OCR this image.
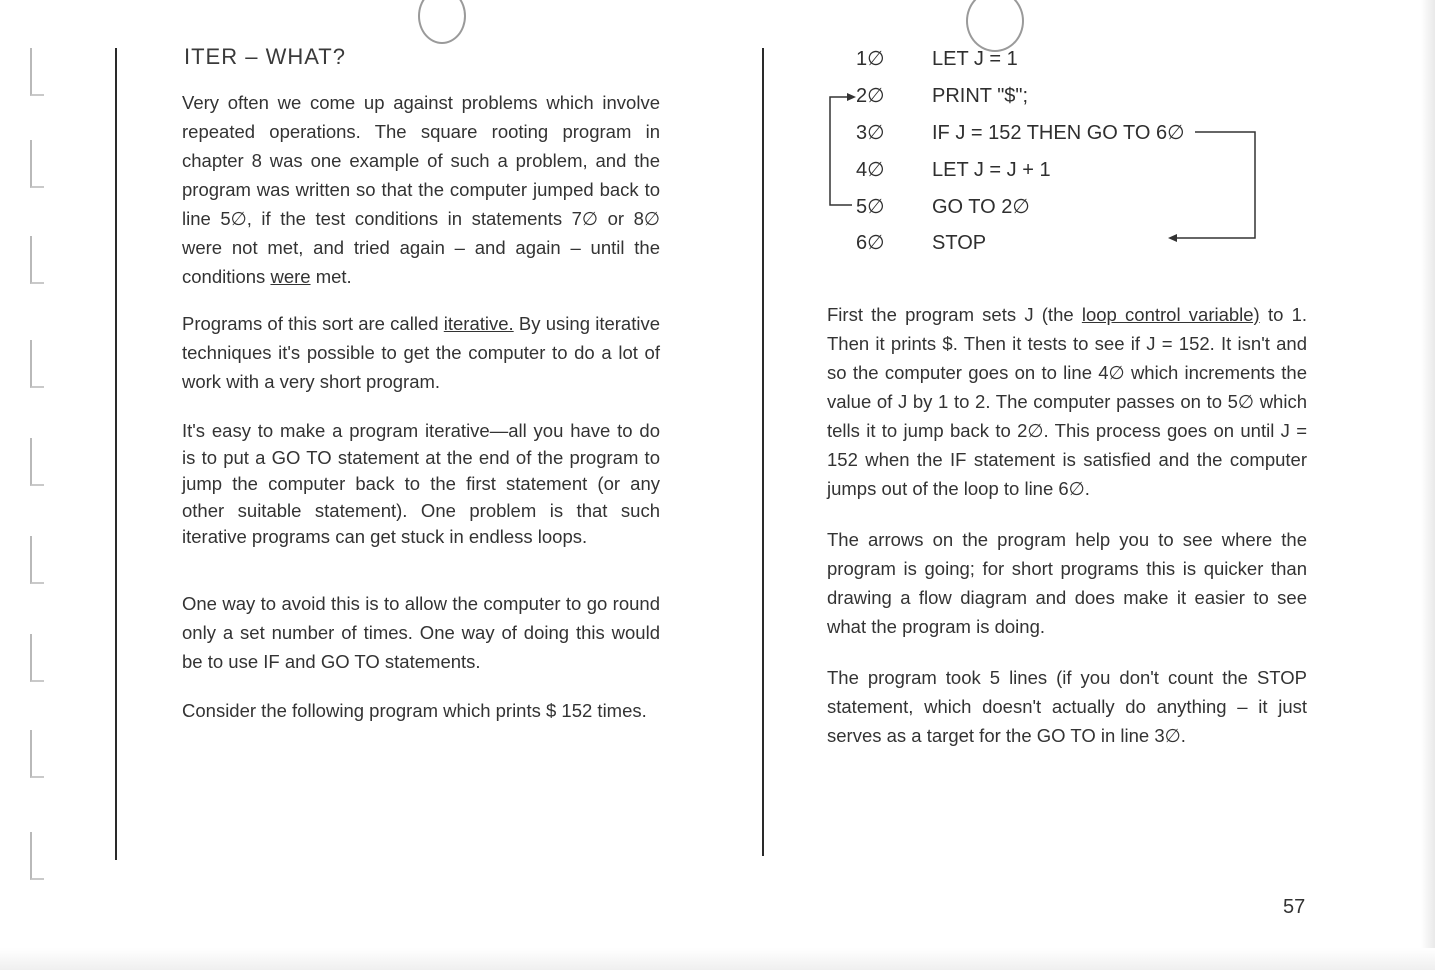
ITER – WHAT?

Very often we come up against problems which involve repeated operations. The square rooting program in chapter 8 was one example of such a problem, and the program was written so that the computer jumped back to line 5∅, if the test conditions in statements 7∅ or 8∅ were not met, and tried again – and again – until the conditions were met.

Programs of this sort are called iterative. By using iterative techniques it's possible to get the computer to do a lot of work with a very short program.

It's easy to make a program iterative—all you have to do is to put a GO TO statement at the end of the program to jump the computer back to the first statement (or any other suitable statement). One problem is that such iterative programs can get stuck in endless loops.

One way to avoid this is to allow the computer to go round only a set number of times. One way of doing this would be to use IF and GO TO statements.

Consider the following program which prints $ 152 times.

1∅ LET J = 1
2∅ PRINT "$";
3∅ IF J = 152 THEN GO TO 6∅
4∅ LET J = J + 1
5∅ GO TO 2∅
6∅ STOP

First the program sets J (the loop control variable) to 1. Then it prints $. Then it tests to see if J = 152. It isn't and so the computer goes on to line 4∅ which increments the value of J by 1 to 2. The computer passes on to 5∅ which tells it to jump back to 2∅. This process goes on until J = 152 when the IF statement is satisfied and the computer jumps out of the loop to line 6∅.

The arrows on the program help you to see where the program is going; for short programs this is quicker than drawing a flow diagram and does make it easier to see what the program is doing.

The program took 5 lines (if you don't count the STOP statement, which doesn't actually do anything – it just serves as a target for the GO TO in line 3∅.

57
